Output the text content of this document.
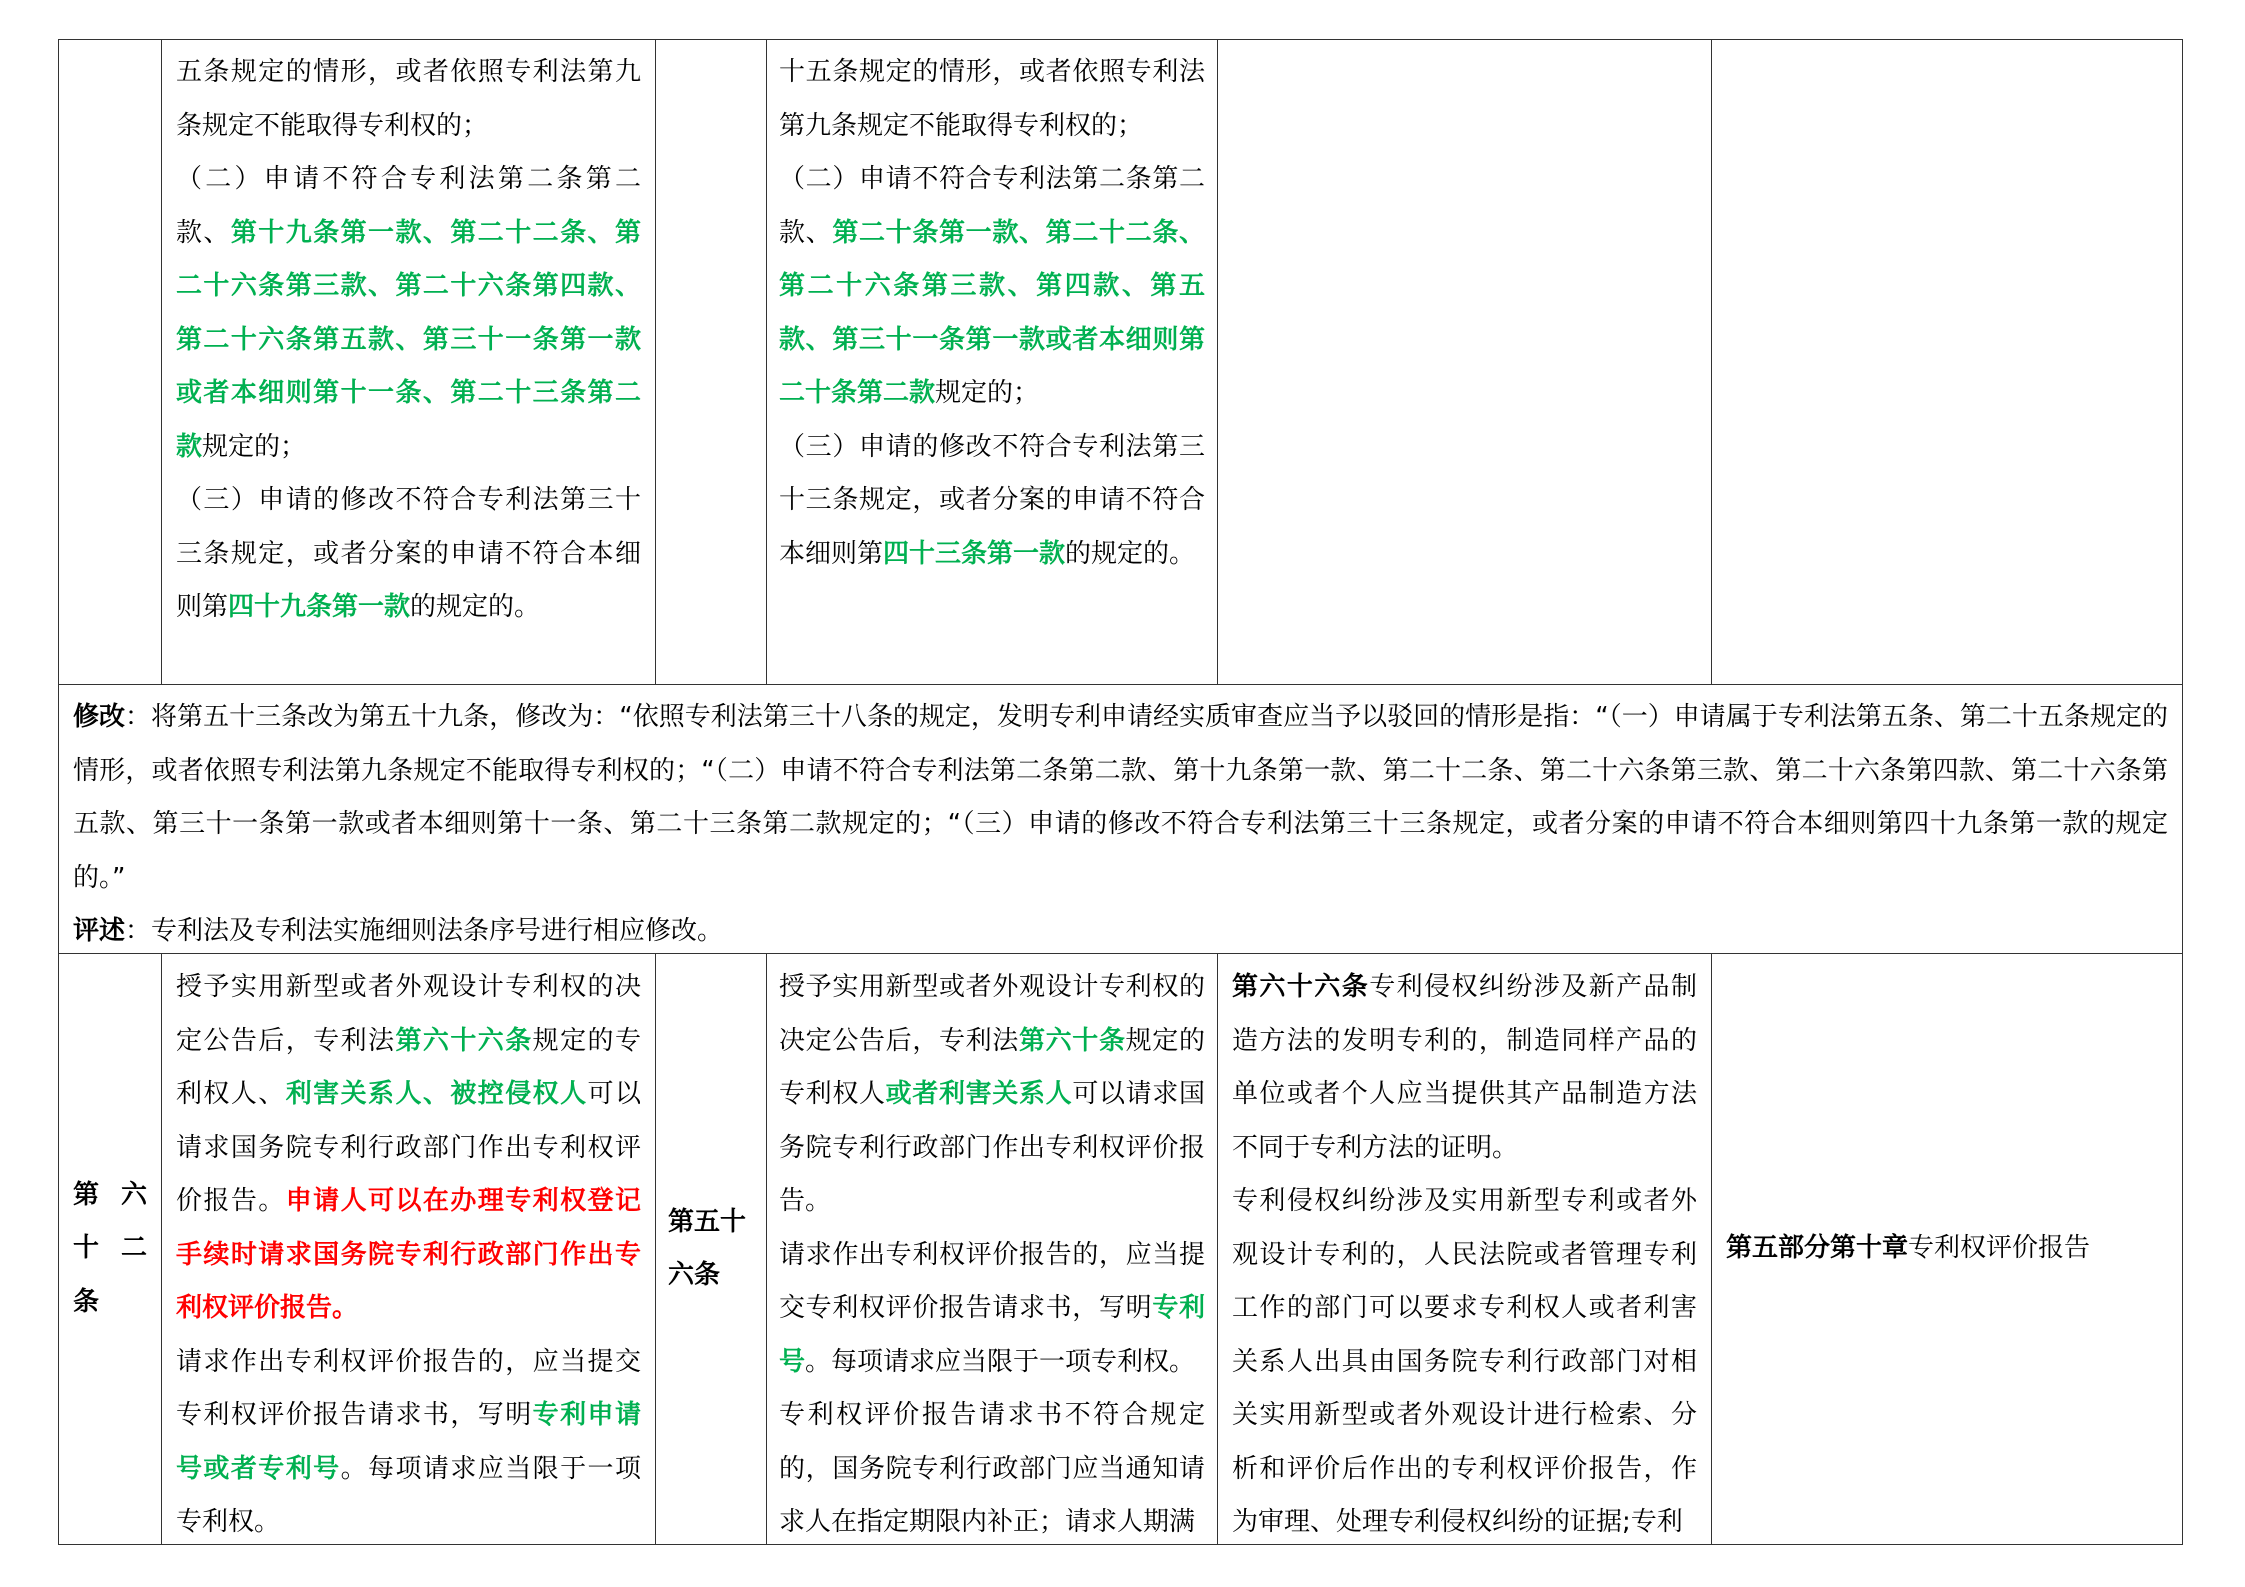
五条规定的情形，或者依照专利法第九条规定不能取得专利权的；

（二）申请不符合专利法第二条第二款、第十九条第一款、第二十二条、第二十六条第三款、第二十六条第四款、第二十六条第五款、第三十一条第一款或者本细则第十一条、第二十三条第二款规定的；

（三）申请的修改不符合专利法第三十三条规定，或者分案的申请不符合本细则第四十九条第一款的规定的。

十五条规定的情形，或者依照专利法第九条规定不能取得专利权的；

（二）申请不符合专利法第二条第二款、第二十条第一款、第二十二条、第二十六条第三款、第四款、第五款、第三十一条第一款或者本细则第二十条第二款规定的；

（三）申请的修改不符合专利法第三十三条规定，或者分案的申请不符合本细则第四十三条第一款的规定的。

修改：将第五十三条改为第五十九条，修改为：“依照专利法第三十八条的规定，发明专利申请经实质审查应当予以驳回的情形是指：“（一）申请属于专利法第五条、第二十五条规定的情形，或者依照专利法第九条规定不能取得专利权的；“（二）申请不符合专利法第二条第二款、第十九条第一款、第二十二条、第二十六条第三款、第二十六条第四款、第二十六条第五款、第三十一条第一款或者本细则第十一条、第二十三条第二款规定的；“（三）申请的修改不符合专利法第三十三条规定，或者分案的申请不符合本细则第四十九条第一款的规定的。”

评述：专利法及专利法实施细则法条序号进行相应修改。

第六十二条

授予实用新型或者外观设计专利权的决定公告后，专利法第六十六条规定的专利权人、利害关系人、被控侵权人可以请求国务院专利行政部门作出专利权评价报告。申请人可以在办理专利权登记手续时请求国务院专利行政部门作出专利权评价报告。

请求作出专利权评价报告的，应当提交专利权评价报告请求书，写明专利申请号或者专利号。每项请求应当限于一项专利权。

第五十六条

授予实用新型或者外观设计专利权的决定公告后，专利法第六十条规定的专利权人或者利害关系人可以请求国务院专利行政部门作出专利权评价报告。

请求作出专利权评价报告的，应当提交专利权评价报告请求书，写明专利号。每项请求应当限于一项专利权。

专利权评价报告请求书不符合规定的，国务院专利行政部门应当通知请求人在指定期限内补正；请求人期满

第六十六条专利侵权纠纷涉及新产品制造方法的发明专利的，制造同样产品的单位或者个人应当提供其产品制造方法不同于专利方法的证明。

专利侵权纠纷涉及实用新型专利或者外观设计专利的，人民法院或者管理专利工作的部门可以要求专利权人或者利害关系人出具由国务院专利行政部门对相关实用新型或者外观设计进行检索、分析和评价后作出的专利权评价报告，作为审理、处理专利侵权纠纷的证据;专利

第五部分第十章专利权评价报告
